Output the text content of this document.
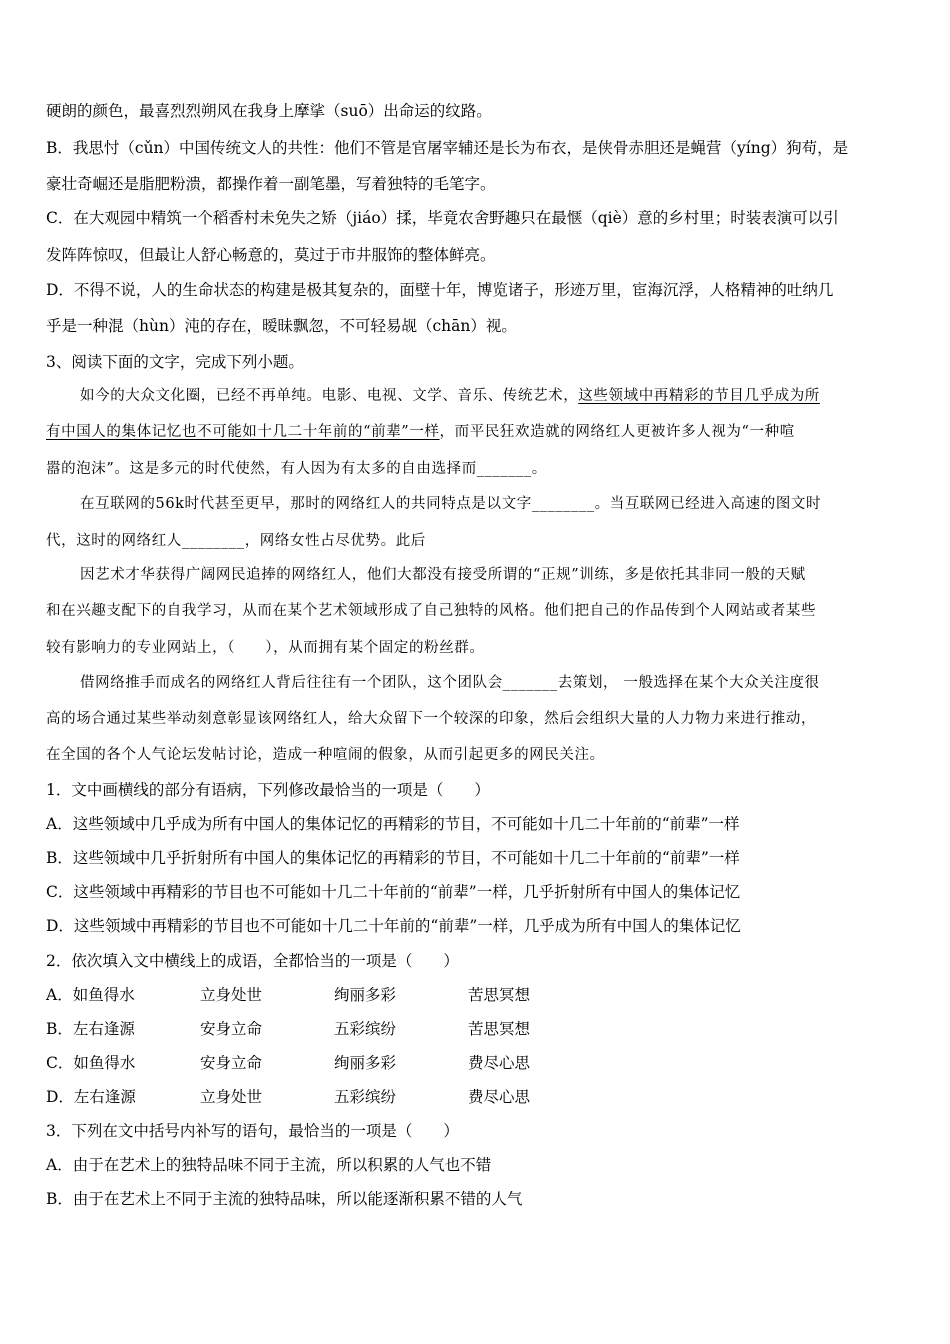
硬朗的颜色，最喜烈烈朔风在我身上摩挲（suō）出命运的纹路。
B．我思忖（cǔn）中国传统文人的共性：他们不管是官屠宰辅还是长为布衣，是侠骨赤胆还是蝇营（yíng）狗苟，是
豪壮奇崛还是脂肥粉溃，都操作着一副笔墨，写着独特的毛笔字。
C．在大观园中精筑一个稻香村未免失之矫（jiáo）揉，毕竟农舍野趣只在最惬（qiè）意的乡村里；时装表演可以引
发阵阵惊叹，但最让人舒心畅意的，莫过于市井服饰的整体鲜亮。
D．不得不说，人的生命状态的构建是极其复杂的，面壁十年，博览诸子，形迹万里，宦海沉浮，人格精神的吐纳几
乎是一种混（hùn）沌的存在，暧昧飘忽，不可轻易觇（chān）视。
3、阅读下面的文字，完成下列小题。
如今的大众文化圈，已经不再单纯。电影、电视、文学、音乐、传统艺术，这些领域中再精彩的节目几乎成为所
有中国人的集体记忆也不可能如十几二十年前的“前辈”一样，而平民狂欢造就的网络红人更被许多人视为“一种喧
嚣的泡沫”。这是多元的时代使然，有人因为有太多的自由选择而_______。
在互联网的56k时代甚至更早，那时的网络红人的共同特点是以文字________。当互联网已经进入高速的图文时
代，这时的网络红人________，网络女性占尽优势。此后
因艺术才华获得广阔网民追捧的网络红人，他们大都没有接受所谓的“正规”训练，多是依托其非同一般的天赋
和在兴趣支配下的自我学习，从而在某个艺术领域形成了自己独特的风格。他们把自己的作品传到个人网站或者某些
较有影响力的专业网站上，（　　），从而拥有某个固定的粉丝群。
借网络推手而成名的网络红人背后往往有一个团队，这个团队会_______去策划， 一般选择在某个大众关注度很
高的场合通过某些举动刻意彰显该网络红人，给大众留下一个较深的印象，然后会组织大量的人力物力来进行推动，
在全国的各个人气论坛发帖讨论，造成一种喧闹的假象，从而引起更多的网民关注。
1．文中画横线的部分有语病，下列修改最恰当的一项是（　　）
A．这些领域中几乎成为所有中国人的集体记忆的再精彩的节目，不可能如十几二十年前的“前辈”一样
B．这些领域中几乎折射所有中国人的集体记忆的再精彩的节目，不可能如十几二十年前的“前辈”一样
C．这些领域中再精彩的节目也不可能如十几二十年前的“前辈”一样，几乎折射所有中国人的集体记忆
D．这些领域中再精彩的节目也不可能如十几二十年前的“前辈”一样，几乎成为所有中国人的集体记忆
2．依次填入文中横线上的成语，全都恰当的一项是（　　）
A．如鱼得水	立身处世	绚丽多彩	苦思冥想
B．左右逢源	安身立命	五彩缤纷	苦思冥想
C．如鱼得水	安身立命	绚丽多彩	费尽心思
D．左右逢源	立身处世	五彩缤纷	费尽心思
3．下列在文中括号内补写的语句，最恰当的一项是（　　）
A．由于在艺术上的独特品味不同于主流，所以积累的人气也不错
B．由于在艺术上不同于主流的独特品味，所以能逐渐积累不错的人气
